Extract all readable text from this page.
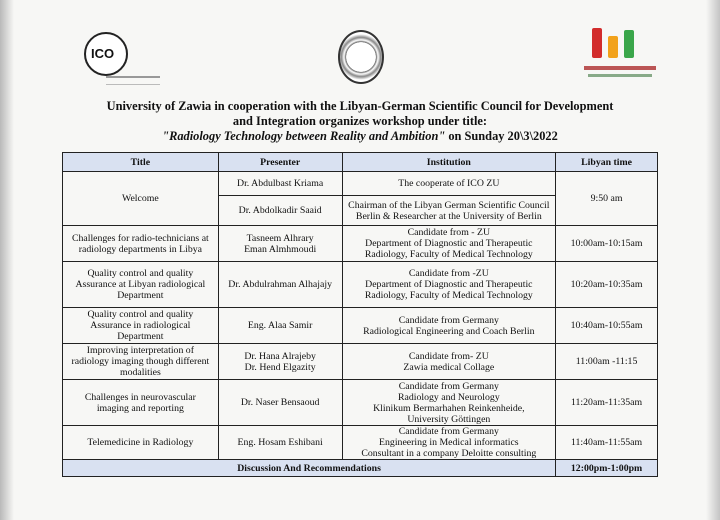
ICO
University of Zawia in cooperation with the Libyan-German Scientific Council for Development
and Integration organizes workshop under title:
"Radiology Technology between Reality and Ambition" on Sunday 20\3\2022
Title	Presenter	Institution	Libyan time
Welcome	Dr. Abdulbast Kriama	The cooperate of ICO ZU	9:50 am
	Dr. Abdolkadir Saaid	Chairman of the Libyan German Scientific Council
Berlin & Researcher at the University of Berlin	

Challenges for radio-technicians at
radiology departments in Libya	Tasneem Alhrary
Eman Almhmoudi	Candidate from - ZU
Department of Diagnostic and Therapeutic
Radiology, Faculty of Medical Technology	10:00am-10:15am

Quality control and quality
Assurance at Libyan radiological
Department	Dr. Abdulrahman Alhajajy	Candidate from -ZU
Department of Diagnostic and Therapeutic
Radiology, Faculty of Medical Technology	10:20am-10:35am

Quality control and quality
Assurance in radiological
Department	Eng. Alaa Samir	Candidate from Germany
Radiological Engineering and Coach Berlin	10:40am-10:55am

Improving interpretation of
radiology imaging though different
modalities	Dr. Hana Alrajeby
Dr. Hend Elgazity	Candidate from- ZU
Zawia medical Collage	11:00am -11:15

Challenges in neurovascular
imaging and reporting	Dr. Naser Bensaoud	Candidate from Germany
Radiology and Neurology
Klinikum Bermarhahen Reinkenheide,
University Göttingen	11:20am-11:35am
Telemedicine in Radiology	Eng. Hosam Eshibani	Candidate from Germany
Engineering in Medical informatics
Consultant in a company Deloitte consulting	11:40am-11:55am
Discussion And Recommendations			12:00pm-1:00pm
